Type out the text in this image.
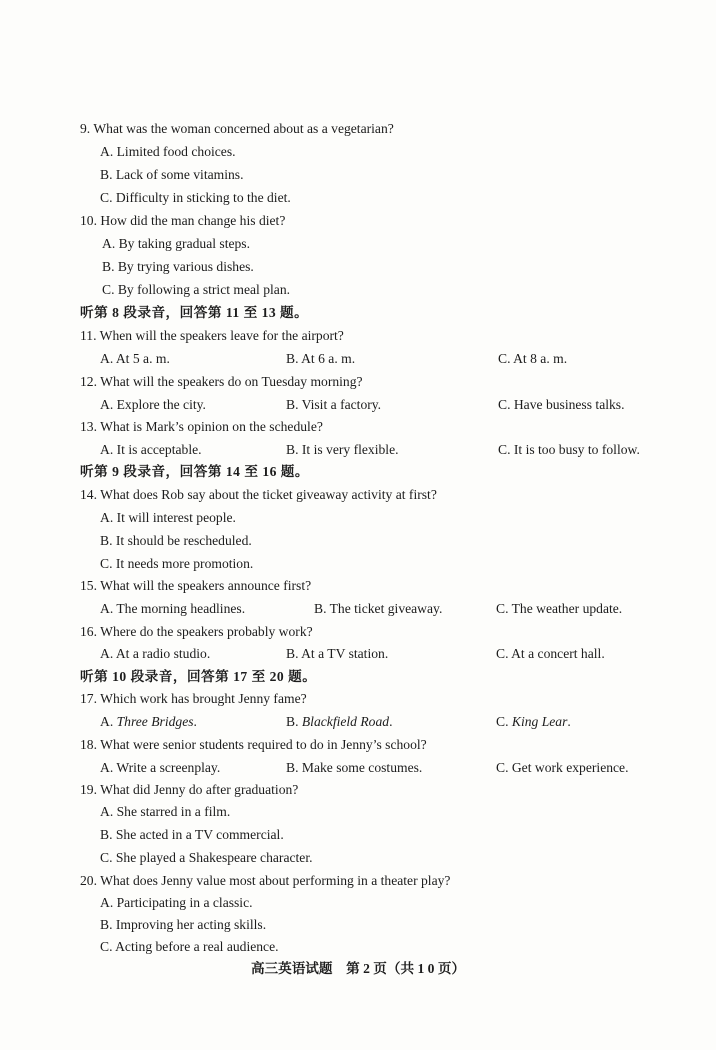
9. What was the woman concerned about as a vegetarian?
A. Limited food choices.
B. Lack of some vitamins.
C. Difficulty in sticking to the diet.
10. How did the man change his diet?
A. By taking gradual steps.
B. By trying various dishes.
C. By following a strict meal plan.
听第 8 段录音，回答第 11 至 13 题。
11. When will the speakers leave for the airport?
A. At 5 a. m.	B. At 6 a. m.	C. At 8 a. m.
12. What will the speakers do on Tuesday morning?
A. Explore the city.	B. Visit a factory.	C. Have business talks.
13. What is Mark’s opinion on the schedule?
A. It is acceptable.	B. It is very flexible.	C. It is too busy to follow.
听第 9 段录音，回答第 14 至 16 题。
14. What does Rob say about the ticket giveaway activity at first?
A. It will interest people.
B. It should be rescheduled.
C. It needs more promotion.
15. What will the speakers announce first?
A. The morning headlines.	B. The ticket giveaway.	C. The weather update.
16. Where do the speakers probably work?
A. At a radio studio.	B. At a TV station.	C. At a concert hall.
听第 10 段录音，回答第 17 至 20 题。
17. Which work has brought Jenny fame?
A. Three Bridges.	B. Blackfield Road.	C. King Lear.
18. What were senior students required to do in Jenny’s school?
A. Write a screenplay.	B. Make some costumes.	C. Get work experience.
19. What did Jenny do after graduation?
A. She starred in a film.
B. She acted in a TV commercial.
C. She played a Shakespeare character.
20. What does Jenny value most about performing in a theater play?
A. Participating in a classic.
B. Improving her acting skills.
C. Acting before a real audience.
高三英语试题　第 2 页（共 1 0 页）
